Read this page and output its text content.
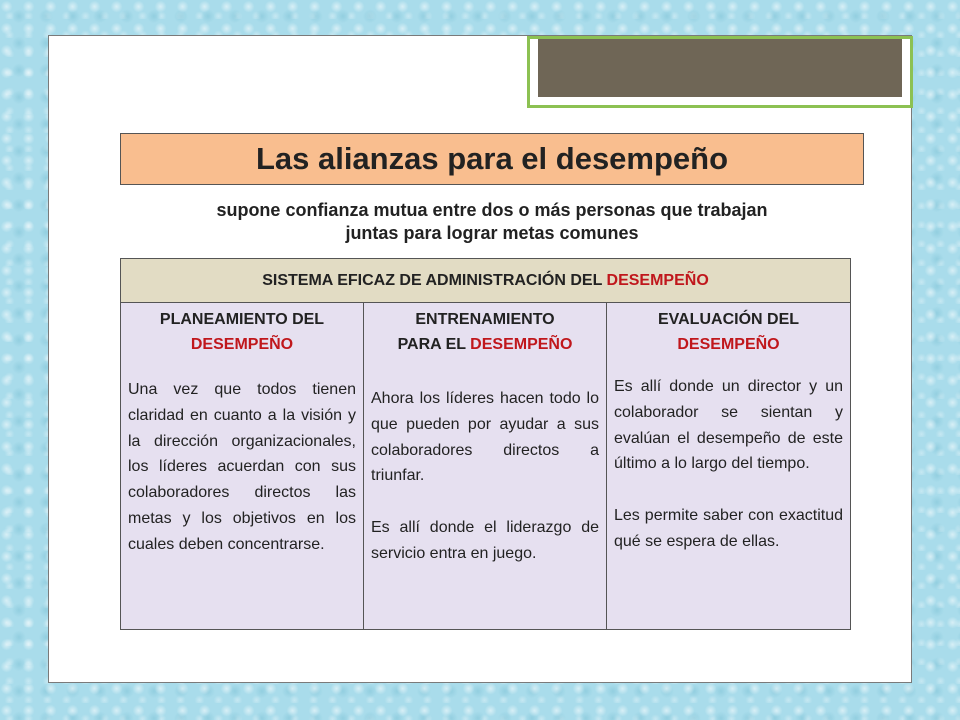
Las alianzas para el desempeño
supone confianza mutua entre dos o más personas que trabajan
juntas para lograr metas comunes
SISTEMA EFICAZ DE ADMINISTRACIÓN DEL DESEMPEÑO
PLANEAMIENTO DEL
DESEMPEÑO

Una vez que todos tienen claridad en cuanto a la visión y la dirección organizacionales, los líderes acuerdan con sus colaboradores directos las metas y los objetivos en los cuales deben concentrarse.

ENTRENAMIENTO
PARA EL DESEMPEÑO

Ahora los líderes hacen todo lo que pueden por ayudar a sus colaboradores directos a triunfar.

Es allí donde el liderazgo de servicio entra en juego.

EVALUACIÓN DEL
DESEMPEÑO

Es allí donde un director y un colaborador se sientan y evalúan el desempeño de este último a lo largo del tiempo.

Les permite saber con exactitud qué se espera de ellas.
